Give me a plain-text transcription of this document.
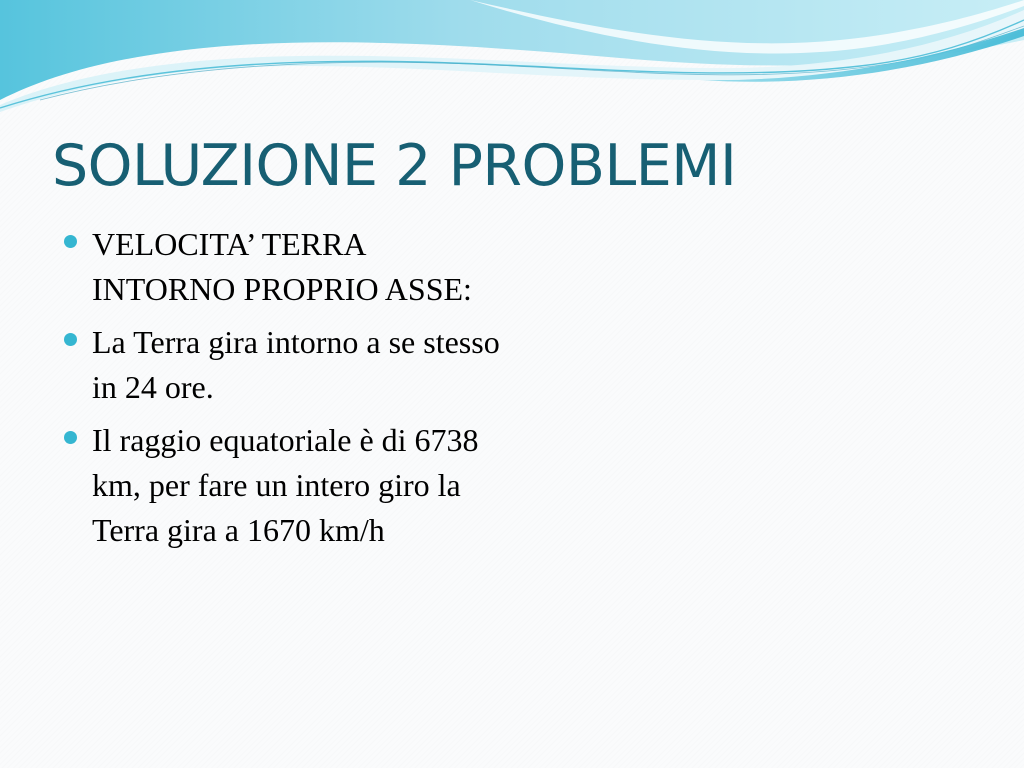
SOLUZIONE 2 PROBLEMI
VELOCITA’ TERRA INTORNO PROPRIO ASSE:
La Terra gira intorno a se stesso in 24 ore.
Il raggio equatoriale è di 6738 km, per fare un intero giro la Terra gira a 1670 km/h
